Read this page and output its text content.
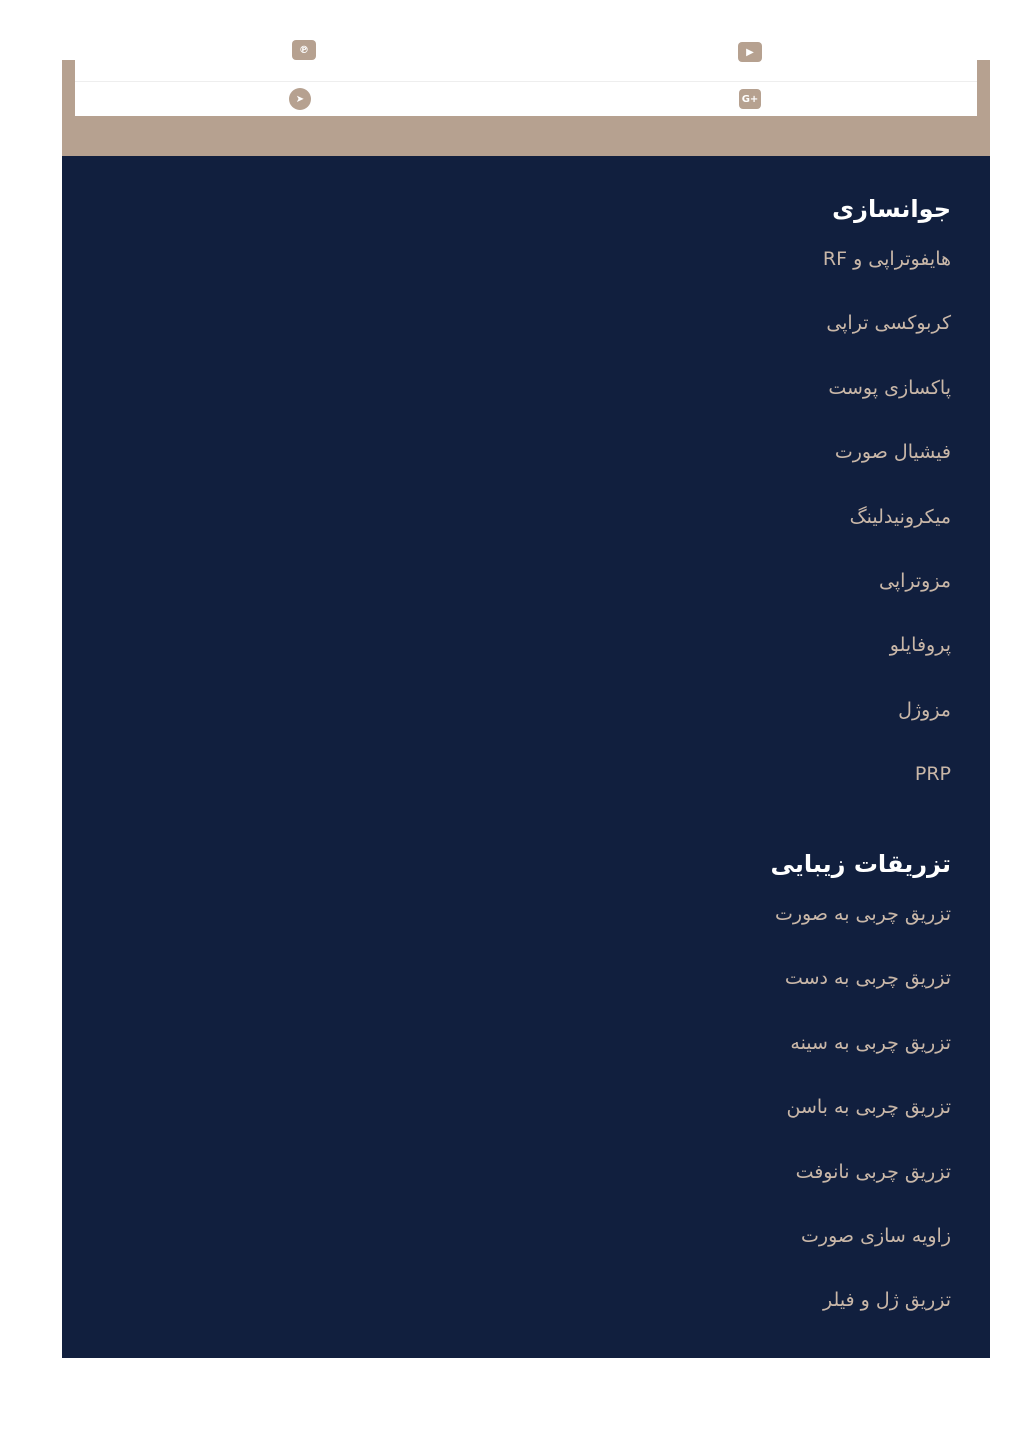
℗	▶
➤	G+
جوانسازی
هایفوتراپی و RF
کربوکسی تراپی
پاکسازی پوست
فیشیال صورت
میکرونیدلینگ
مزوتراپی
پروفایلو
مزوژل
PRP
تزریقات زیبایی
تزریق چربی به صورت
تزریق چربی به دست
تزریق چربی به سینه
تزریق چربی به باسن
تزریق چربی نانوفت
زاویه سازی صورت
تزریق ژل و فیلر
